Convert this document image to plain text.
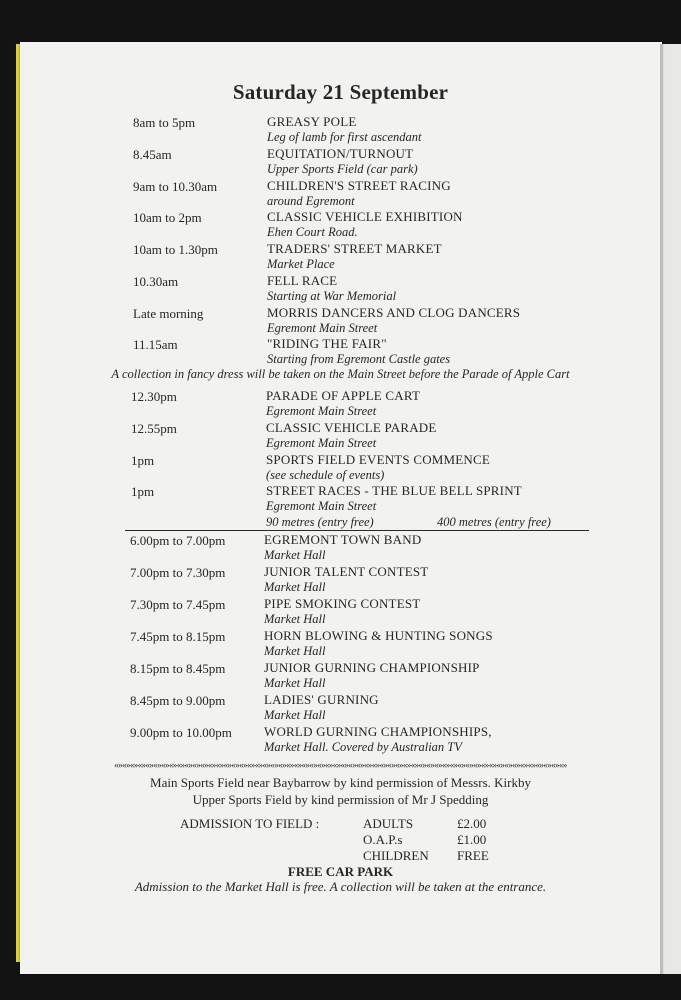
Saturday 21 September
8am to 5pm	GREASY POLE
Leg of lamb for first ascendant
8.45am	EQUITATION/TURNOUT
Upper Sports Field (car park)
9am to 10.30am	CHILDREN'S STREET RACING
around Egremont
10am to 2pm	CLASSIC VEHICLE EXHIBITION
Ehen Court Road.
10am to 1.30pm	TRADERS' STREET MARKET
Market Place
10.30am	FELL RACE
Starting at War Memorial
Late morning	MORRIS DANCERS AND CLOG DANCERS
Egremont Main Street
11.15am	"RIDING THE FAIR"
Starting from Egremont Castle gates
A collection in fancy dress will be taken on the Main Street before the Parade of Apple Cart
12.30pm	PARADE OF APPLE CART
Egremont Main Street
12.55pm	CLASSIC VEHICLE PARADE
Egremont Main Street
1pm	SPORTS FIELD EVENTS COMMENCE
(see schedule of events)
1pm	STREET RACES - THE BLUE BELL SPRINT
Egremont Main Street
90 metres (entry free)	400 metres (entry free)
6.00pm to 7.00pm	EGREMONT TOWN BAND
Market Hall
7.00pm to 7.30pm	JUNIOR TALENT CONTEST
Market Hall
7.30pm to 7.45pm	PIPE SMOKING CONTEST
Market Hall
7.45pm to 8.15pm	HORN BLOWING & HUNTING SONGS
Market Hall
8.15pm to 8.45pm	JUNIOR GURNING CHAMPIONSHIP
Market Hall
8.45pm to 9.00pm	LADIES' GURNING
Market Hall
9.00pm to 10.00pm WORLD GURNING CHAMPIONSHIPS,
Market Hall. Covered by Australian TV
«»«»«»«»«»«»«»«»«»«»«»«»«»«»«»«»«»«»«»«»«»«»«»«»«»«»«»«»«»«»«»«»«»«»«»«»«»«»«»«»«»«»«»«»«»«»«»«»«»«»«»«»«»«»«»«»«»«»
Main Sports Field near Baybarrow by kind permission of Messrs. Kirkby
Upper Sports Field by kind permission of Mr J Spedding
ADMISSION TO FIELD :	ADULTS	£2.00
O.A.P.s	£1.00
CHILDREN FREE
FREE CAR PARK
Admission to the Market Hall is free. A collection will be taken at the entrance.
